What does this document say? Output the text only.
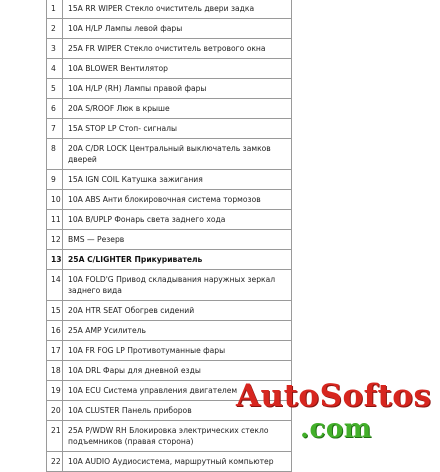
1	15A RR WIPER Стекло очиститель двери задка
2	10A H/LP Лампы левой фары
3	25A FR WIPER Стекло очиститель ветрового окна
4	10A BLOWER Вентилятор
5	10A H/LP (RH) Лампы правой фары
6	20A S/ROOF Люк в крыше
7	15A STOP LP Стоп- сигналы
8	20A C/DR LOCK Центральный выключатель замков дверей
9	15A IGN COIL Катушка зажигания
10	10A ABS Анти блокировочная система тормозов
11	10A B/UPLP Фонарь света заднего хода
12	BMS — Резерв
13	25A C/LIGHTER Прикуриватель
14	10A FOLD'G Привод складывания наружных зеркал заднего вида
15	20A HTR SEAT Обогрев сидений
16	25A AMP Усилитель
17	10A FR FOG LP Противотуманные фары
18	10A DRL Фары для дневной езды
19	10A ECU Система управления двигателем
20	10A CLUSTER Панель приборов
21	25A P/WDW RH Блокировка электрических стекло подъемников (правая сторона)
22	10A AUDIO Аудиосистема, маршрутный компьютер
AutoSoftos
.com
